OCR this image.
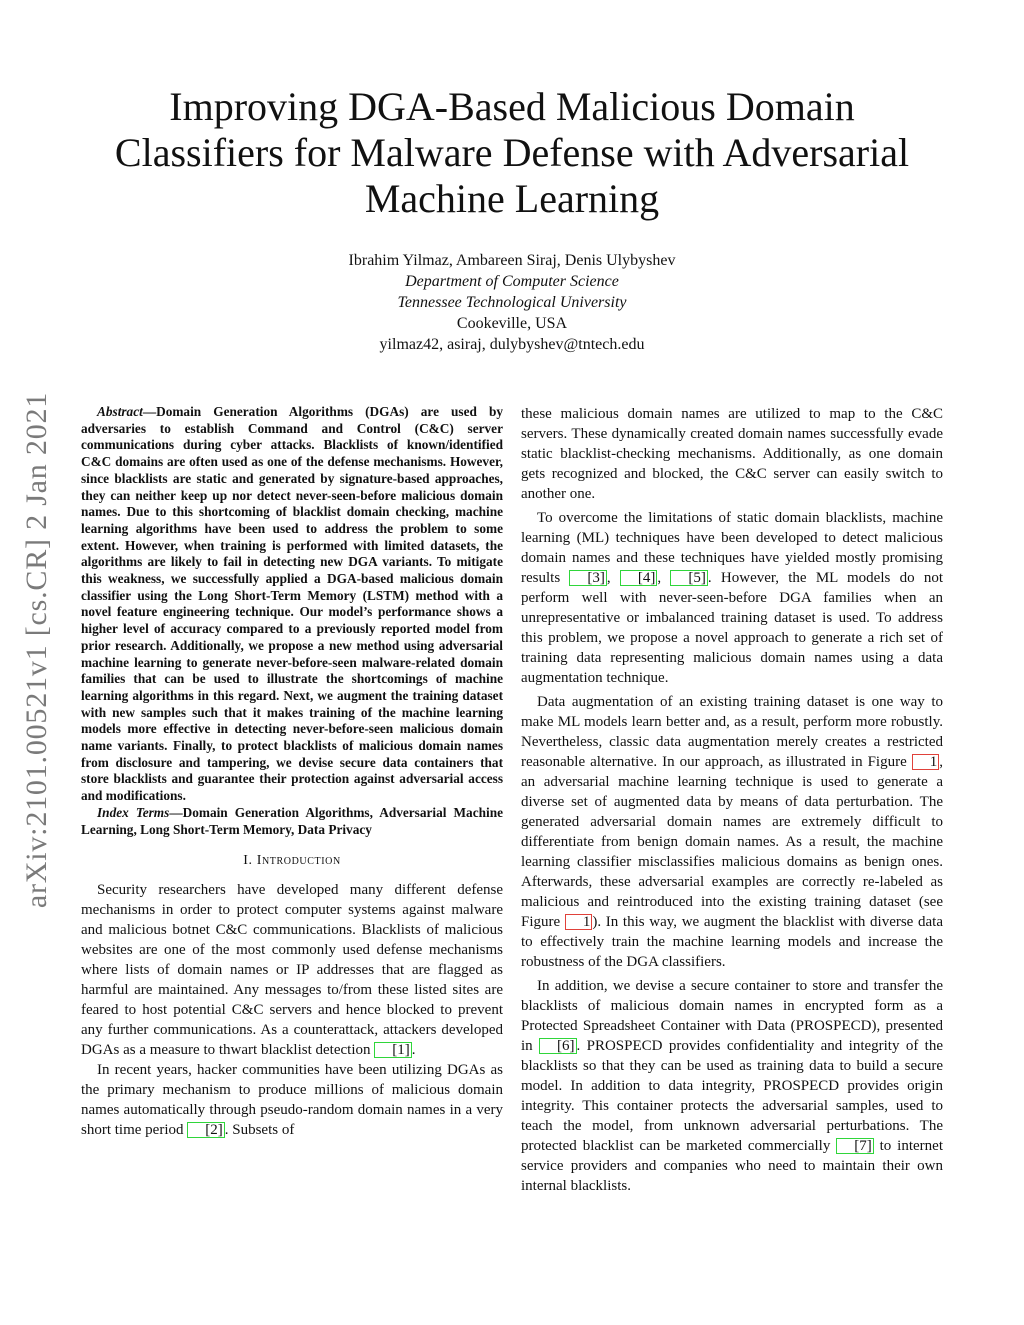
arXiv:2101.00521v1 [cs.CR] 2 Jan 2021
Improving DGA-Based Malicious Domain
Classifiers for Malware Defense with Adversarial
Machine Learning
Ibrahim Yilmaz, Ambareen Siraj, Denis Ulybyshev
Department of Computer Science
Tennessee Technological University
Cookeville, USA
yilmaz42, asiraj, dulybyshev@tntech.edu

Abstract—Domain Generation Algorithms (DGAs) are used by adversaries to establish Command and Control (C&C) server communications during cyber attacks. Blacklists of known/identified C&C domains are often used as one of the defense mechanisms. However, since blacklists are static and generated by signature-based approaches, they can neither keep up nor detect never-seen-before malicious domain names. Due to this shortcoming of blacklist domain checking, machine learning algorithms have been used to address the problem to some extent. However, when training is performed with limited datasets, the algorithms are likely to fail in detecting new DGA variants. To mitigate this weakness, we successfully applied a DGA-based malicious domain classifier using the Long Short-Term Memory (LSTM) method with a novel feature engineering technique. Our model’s performance shows a higher level of accuracy compared to a previously reported model from prior research. Additionally, we propose a new method using adversarial machine learning to generate never-before-seen malware-related domain families that can be used to illustrate the shortcomings of machine learning algorithms in this regard. Next, we augment the training dataset with new samples such that it makes training of the machine learning models more effective in detecting never-before-seen malicious domain name variants. Finally, to protect blacklists of malicious domain names from disclosure and tampering, we devise secure data containers that store blacklists and guarantee their protection against adversarial access and modifications.

Index Terms—Domain Generation Algorithms, Adversarial Machine Learning, Long Short-Term Memory, Data Privacy

I. Introduction

Security researchers have developed many different defense mechanisms in order to protect computer systems against malware and malicious botnet C&C communications. Blacklists of malicious websites are one of the most commonly used defense mechanisms where lists of domain names or IP addresses that are flagged as harmful are maintained. Any messages to/from these listed sites are feared to host potential C&C servers and hence blocked to prevent any further communications. As a counterattack, attackers developed DGAs as a measure to thwart blacklist detection [1] .

In recent years, hacker communities have been utilizing DGAs as the primary mechanism to produce millions of malicious domain names automatically through pseudo-random domain names in a very short time period [2] . Subsets of

these malicious domain names are utilized to map to the C&C servers. These dynamically created domain names successfully evade static blacklist-checking mechanisms. Additionally, as one domain gets recognized and blocked, the C&C server can easily switch to another one.

To overcome the limitations of static domain blacklists, machine learning (ML) techniques have been developed to detect malicious domain names and these techniques have yielded mostly promising results [3] , [4] , [5] . However, the ML models do not perform well with never-seen-before DGA families when an unrepresentative or imbalanced training dataset is used. To address this problem, we propose a novel approach to generate a rich set of training data representing malicious domain names using a data augmentation technique.

Data augmentation of an existing training dataset is one way to make ML models learn better and, as a result, perform more robustly. Nevertheless, classic data augmentation merely creates a restricted reasonable alternative. In our approach, as illustrated in Figure 1 , an adversarial machine learning technique is used to generate a diverse set of augmented data by means of data perturbation. The generated adversarial domain names are extremely difficult to differentiate from benign domain names. As a result, the machine learning classifier misclassifies malicious domains as benign ones. Afterwards, these adversarial examples are correctly re-labeled as malicious and reintroduced into the existing training dataset (see Figure 1 ). In this way, we augment the blacklist with diverse data to effectively train the machine learning models and increase the robustness of the DGA classifiers.

In addition, we devise a secure container to store and transfer the blacklists of malicious domain names in encrypted form as a Protected Spreadsheet Container with Data (PROSPECD), presented in [6] . PROSPECD provides confidentiality and integrity of the blacklists so that they can be used as training data to build a secure model. In addition to data integrity, PROSPECD provides origin integrity. This container protects the adversarial samples, used to teach the model, from unknown adversarial perturbations. The protected blacklist can be marketed commercially [7] to internet service providers and companies who need to maintain their own internal blacklists.
